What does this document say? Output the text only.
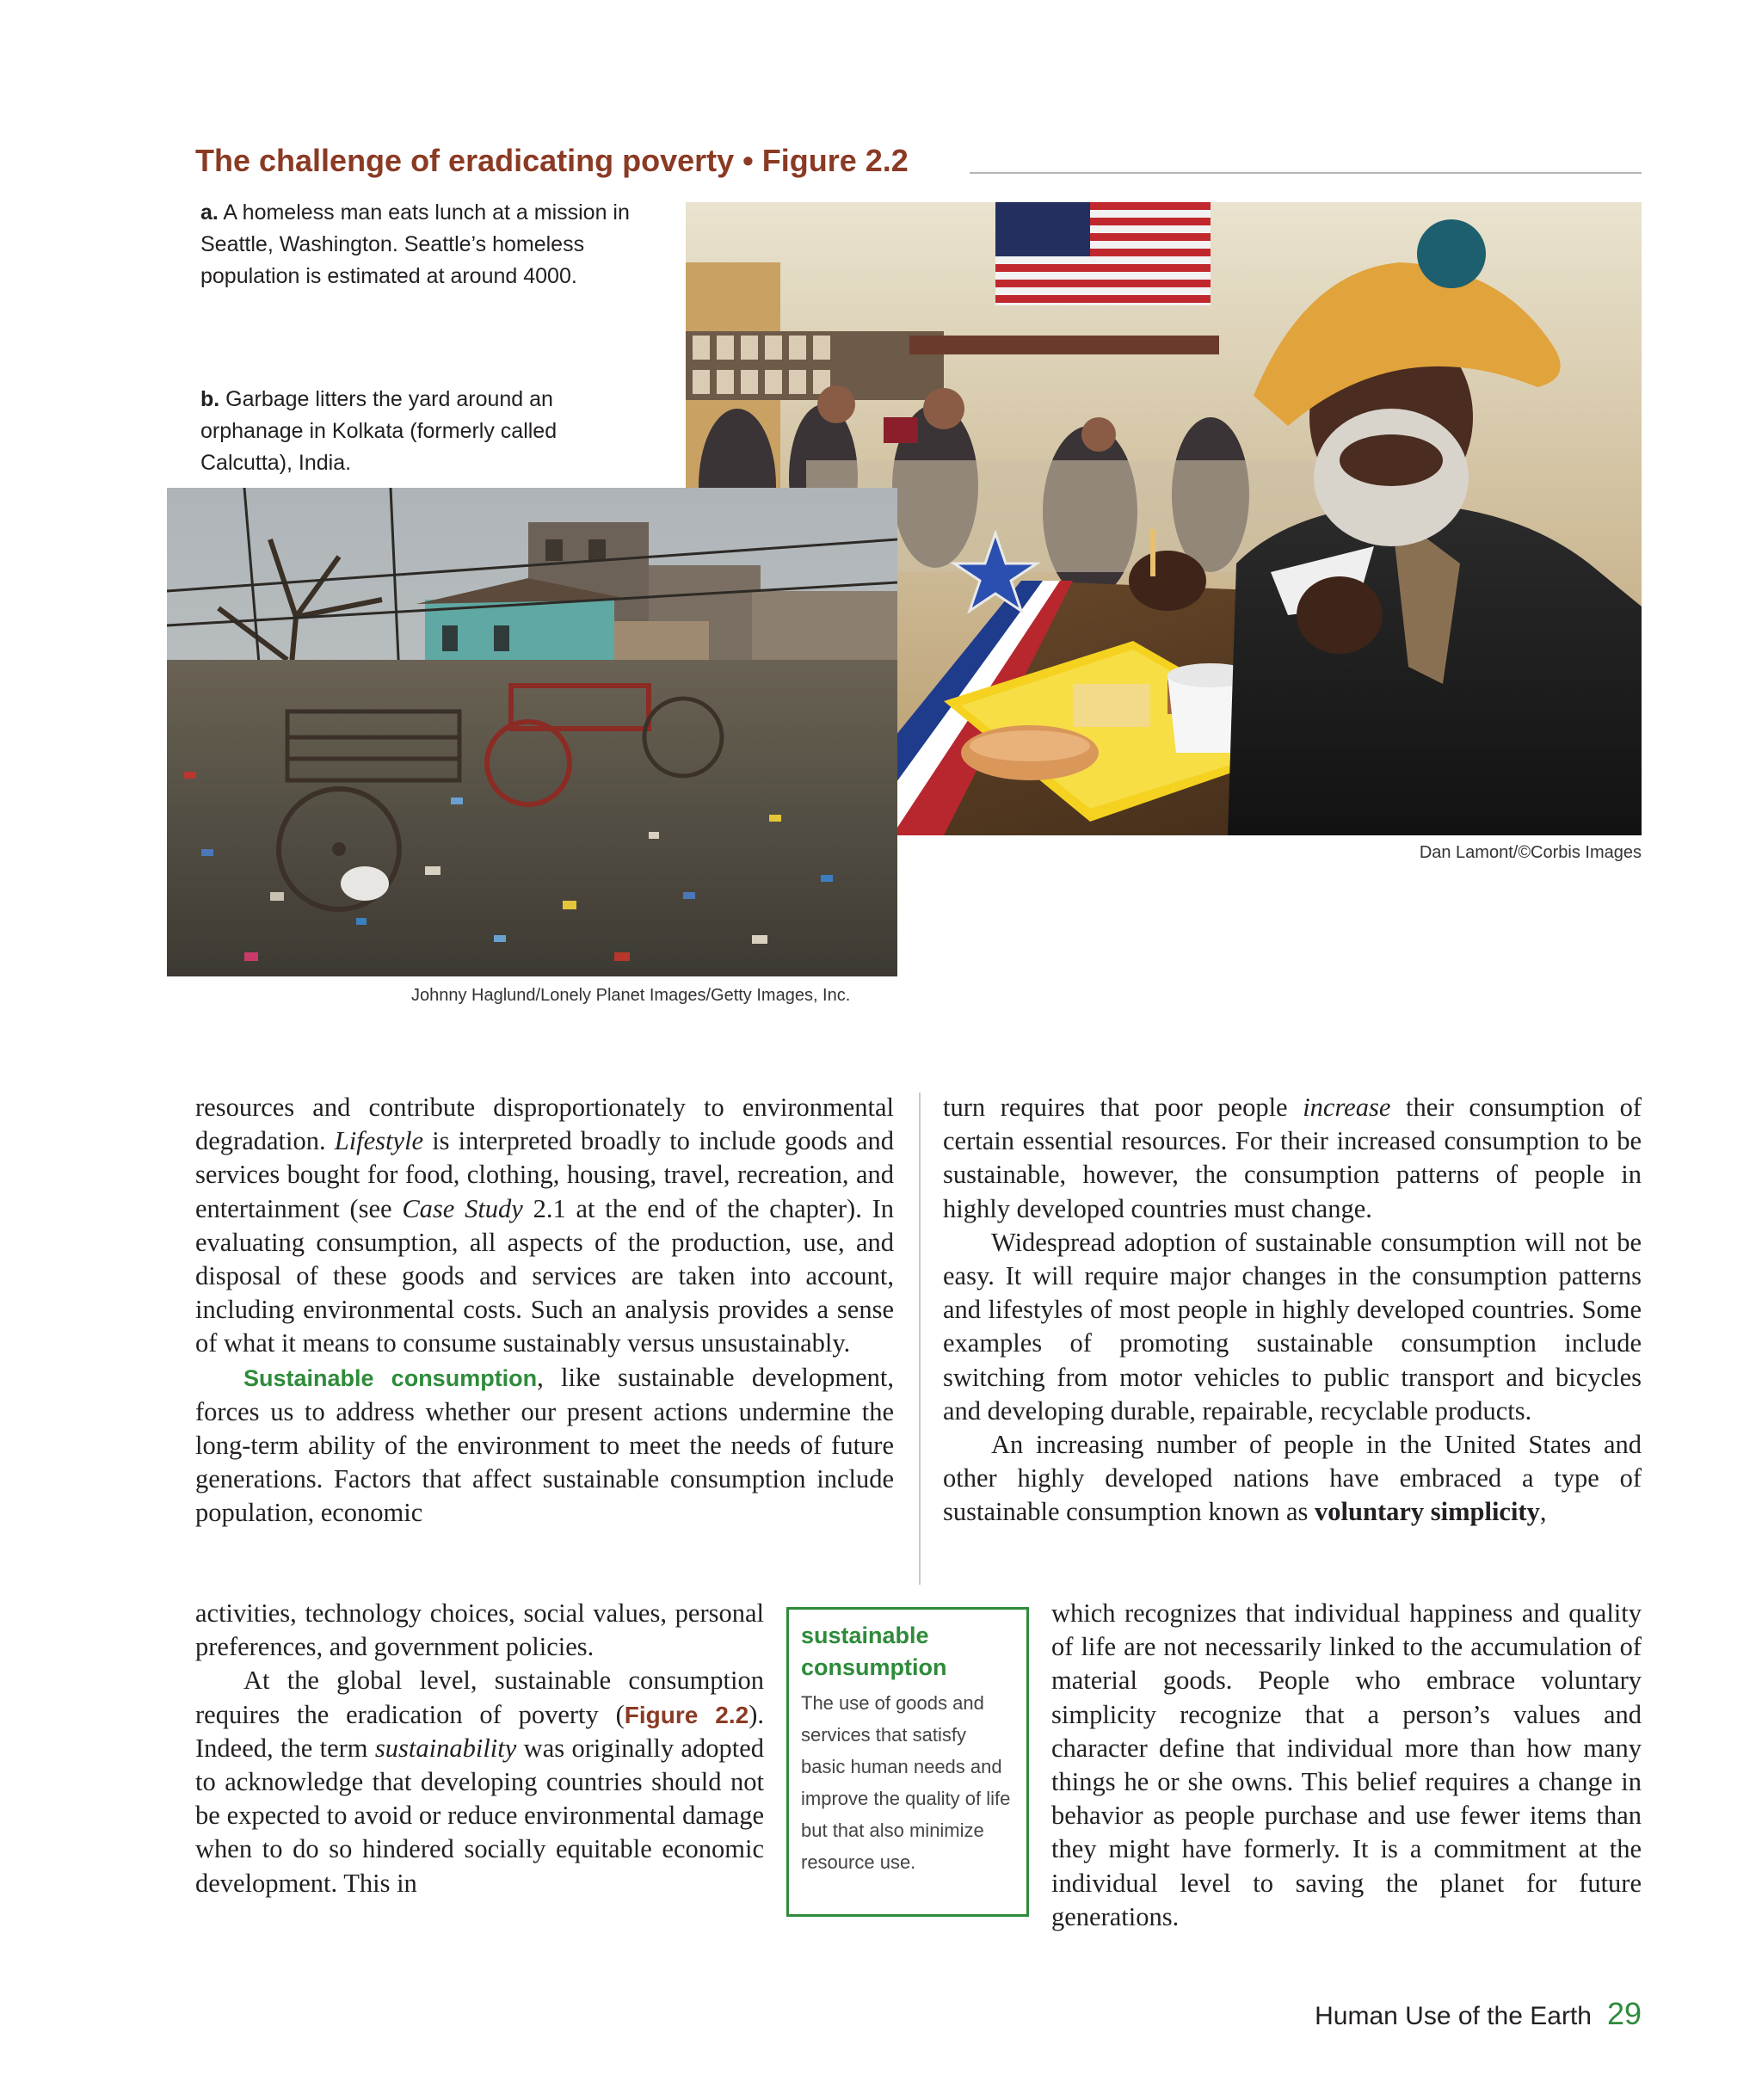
The challenge of eradicating poverty • Figure 2.2
a. A homeless man eats lunch at a mission in Seattle, Washington. Seattle’s homeless population is estimated at around 4000.
b. Garbage litters the yard around an orphanage in Kolkata (formerly called Calcutta), India.
Dan Lamont/©Corbis Images
Johnny Haglund/Lonely Planet Images/Getty Images, Inc.

resources and contribute disproportionately to environmental degradation. Lifestyle is interpreted broadly to include goods and services bought for food, clothing, housing, travel, recreation, and entertainment (see Case Study 2.1 at the end of the chapter). In evaluating consumption, all aspects of the production, use, and disposal of these goods and services are taken into account, including environmental costs. Such an analysis provides a sense of what it means to consume sustainably versus unsustainably.

Sustainable consumption, like sustainable development, forces us to address whether our present actions undermine the long-term ability of the environment to meet the needs of future generations. Factors that affect sustainable consumption include population, economic

activities, technology choices, social values, personal preferences, and government policies.

At the global level, sustainable consumption requires the eradication of poverty (Figure 2.2). Indeed, the term sustainability was originally adopted to acknowledge that developing countries should not be expected to avoid or reduce environmental damage when to do so hindered socially equitable economic development. This in

turn requires that poor people increase their consumption of certain essential resources. For their increased consumption to be sustainable, however, the consumption patterns of people in highly developed countries must change.

Widespread adoption of sustainable consumption will not be easy. It will require major changes in the consumption patterns and lifestyles of most people in highly developed countries. Some examples of promoting sustainable consumption include switching from motor vehicles to public transport and bicycles and developing durable, repairable, recyclable products.

An increasing number of people in the United States and other highly developed nations have embraced a type of sustainable consumption known as voluntary simplicity,

which recognizes that individual happiness and quality of life are not necessarily linked to the accumulation of material goods. People who embrace voluntary simplicity recognize that a person’s values and character define that individual more than how many things he or she owns. This belief requires a change in behavior as people purchase and use fewer items than they might have formerly. It is a commitment at the individual level to saving the planet for future generations.

sustainable consumption
The use of goods and services that satisfy basic human needs and improve the quality of life but that also minimize resource use.
Human Use of the Earth 29
